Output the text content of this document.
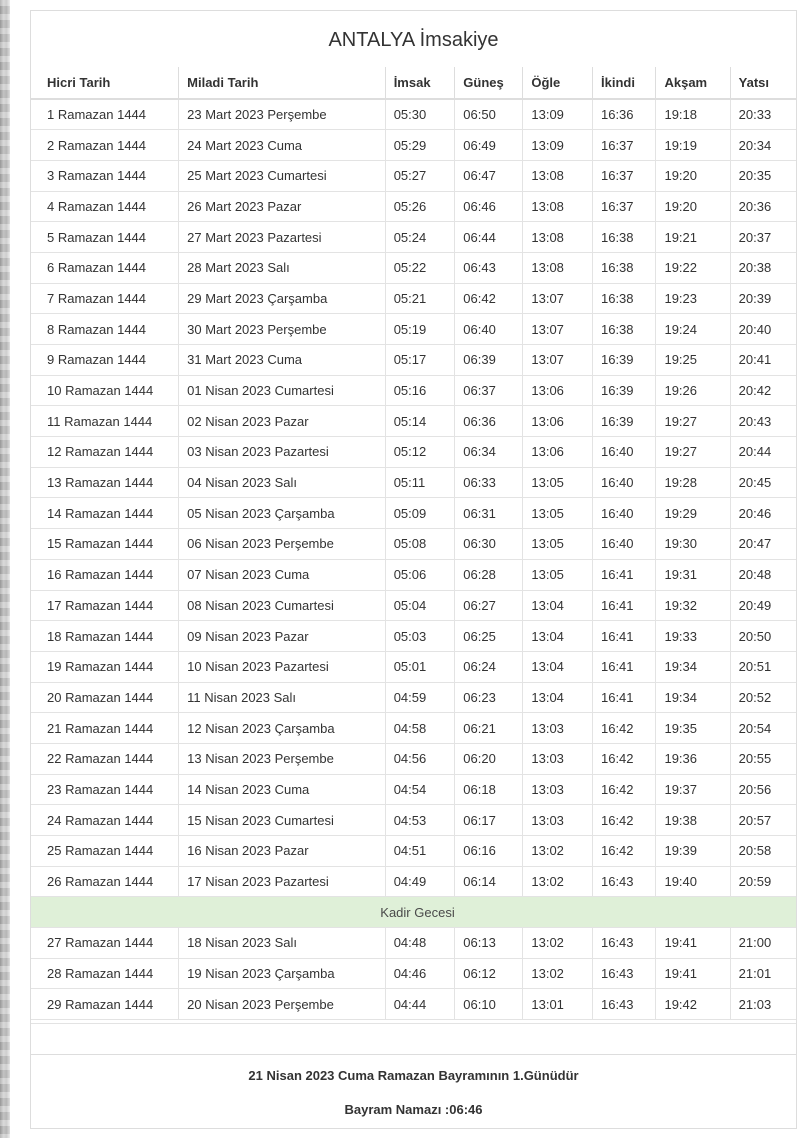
ANTALYA İmsakiye
Hicri Tarih	Miladi Tarih	İmsak	Güneş	Öğle	İkindi	Akşam	Yatsı
1 Ramazan 1444	23 Mart 2023 Perşembe	05:30	06:50	13:09	16:36	19:18	20:33
2 Ramazan 1444	24 Mart 2023 Cuma	05:29	06:49	13:09	16:37	19:19	20:34
3 Ramazan 1444	25 Mart 2023 Cumartesi	05:27	06:47	13:08	16:37	19:20	20:35
4 Ramazan 1444	26 Mart 2023 Pazar	05:26	06:46	13:08	16:37	19:20	20:36
5 Ramazan 1444	27 Mart 2023 Pazartesi	05:24	06:44	13:08	16:38	19:21	20:37
6 Ramazan 1444	28 Mart 2023 Salı	05:22	06:43	13:08	16:38	19:22	20:38
7 Ramazan 1444	29 Mart 2023 Çarşamba	05:21	06:42	13:07	16:38	19:23	20:39
8 Ramazan 1444	30 Mart 2023 Perşembe	05:19	06:40	13:07	16:38	19:24	20:40
9 Ramazan 1444	31 Mart 2023 Cuma	05:17	06:39	13:07	16:39	19:25	20:41
10 Ramazan 1444	01 Nisan 2023 Cumartesi	05:16	06:37	13:06	16:39	19:26	20:42
11 Ramazan 1444	02 Nisan 2023 Pazar	05:14	06:36	13:06	16:39	19:27	20:43
12 Ramazan 1444	03 Nisan 2023 Pazartesi	05:12	06:34	13:06	16:40	19:27	20:44
13 Ramazan 1444	04 Nisan 2023 Salı	05:11	06:33	13:05	16:40	19:28	20:45
14 Ramazan 1444	05 Nisan 2023 Çarşamba	05:09	06:31	13:05	16:40	19:29	20:46
15 Ramazan 1444	06 Nisan 2023 Perşembe	05:08	06:30	13:05	16:40	19:30	20:47
16 Ramazan 1444	07 Nisan 2023 Cuma	05:06	06:28	13:05	16:41	19:31	20:48
17 Ramazan 1444	08 Nisan 2023 Cumartesi	05:04	06:27	13:04	16:41	19:32	20:49
18 Ramazan 1444	09 Nisan 2023 Pazar	05:03	06:25	13:04	16:41	19:33	20:50
19 Ramazan 1444	10 Nisan 2023 Pazartesi	05:01	06:24	13:04	16:41	19:34	20:51
20 Ramazan 1444	11 Nisan 2023 Salı	04:59	06:23	13:04	16:41	19:34	20:52
21 Ramazan 1444	12 Nisan 2023 Çarşamba	04:58	06:21	13:03	16:42	19:35	20:54
22 Ramazan 1444	13 Nisan 2023 Perşembe	04:56	06:20	13:03	16:42	19:36	20:55
23 Ramazan 1444	14 Nisan 2023 Cuma	04:54	06:18	13:03	16:42	19:37	20:56
24 Ramazan 1444	15 Nisan 2023 Cumartesi	04:53	06:17	13:03	16:42	19:38	20:57
25 Ramazan 1444	16 Nisan 2023 Pazar	04:51	06:16	13:02	16:42	19:39	20:58
26 Ramazan 1444	17 Nisan 2023 Pazartesi	04:49	06:14	13:02	16:43	19:40	20:59
Kadir Gecesi							
27 Ramazan 1444	18 Nisan 2023 Salı	04:48	06:13	13:02	16:43	19:41	21:00
28 Ramazan 1444	19 Nisan 2023 Çarşamba	04:46	06:12	13:02	16:43	19:41	21:01
29 Ramazan 1444	20 Nisan 2023 Perşembe	04:44	06:10	13:01	16:43	19:42	21:03
21 Nisan 2023 Cuma Ramazan Bayramının 1.Günüdür
Bayram Namazı :06:46
